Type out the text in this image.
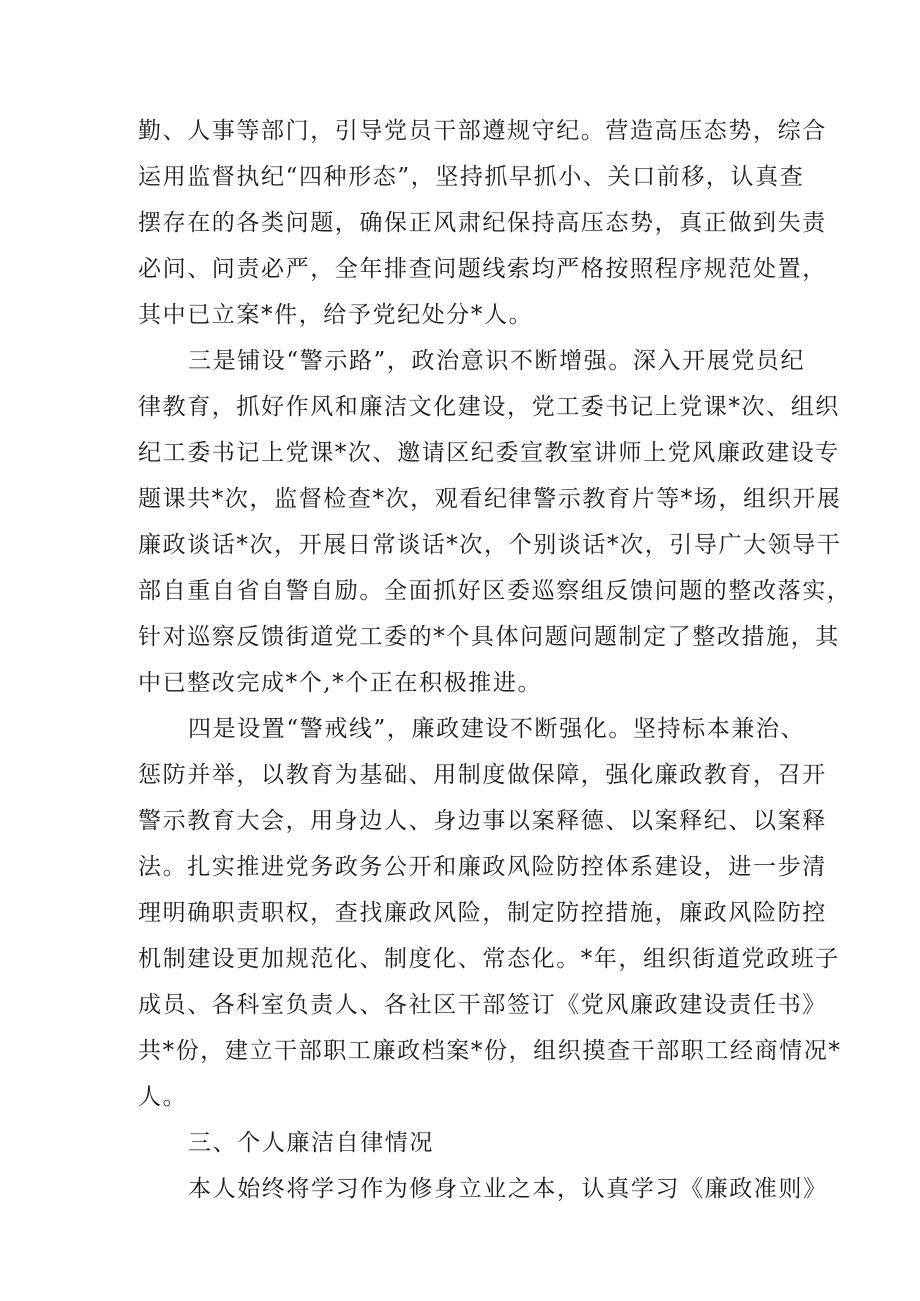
勤、人事等部门，引导党员干部遵规守纪。营造高压态势，综合
运用监督执纪“四种形态”，坚持抓早抓小、关口前移，认真查
摆存在的各类问题，确保正风肃纪保持高压态势，真正做到失责
必问、问责必严，全年排查问题线索均严格按照程序规范处置，
其中已立案*件，给予党纪处分*人。
三是铺设“警示路”，政治意识不断增强。深入开展党员纪
律教育，抓好作风和廉洁文化建设，党工委书记上党课*次、组织
纪工委书记上党课*次、邀请区纪委宣教室讲师上党风廉政建设专
题课共*次，监督检查*次，观看纪律警示教育片等*场，组织开展
廉政谈话*次，开展日常谈话*次，个别谈话*次，引导广大领导干
部自重自省自警自励。全面抓好区委巡察组反馈问题的整改落实，
针对巡察反馈街道党工委的*个具体问题问题制定了整改措施，其
中已整改完成*个,*个正在积极推进。
四是设置“警戒线”，廉政建设不断强化。坚持标本兼治、
惩防并举，以教育为基础、用制度做保障，强化廉政教育，召开
警示教育大会，用身边人、身边事以案释德、以案释纪、以案释
法。扎实推进党务政务公开和廉政风险防控体系建设，进一步清
理明确职责职权，查找廉政风险，制定防控措施，廉政风险防控
机制建设更加规范化、制度化、常态化。*年，组织街道党政班子
成员、各科室负责人、各社区干部签订《党风廉政建设责任书》
共*份，建立干部职工廉政档案*份，组织摸查干部职工经商情况*
人。
三、个人廉洁自律情况
本人始终将学习作为修身立业之本，认真学习《廉政准则》
